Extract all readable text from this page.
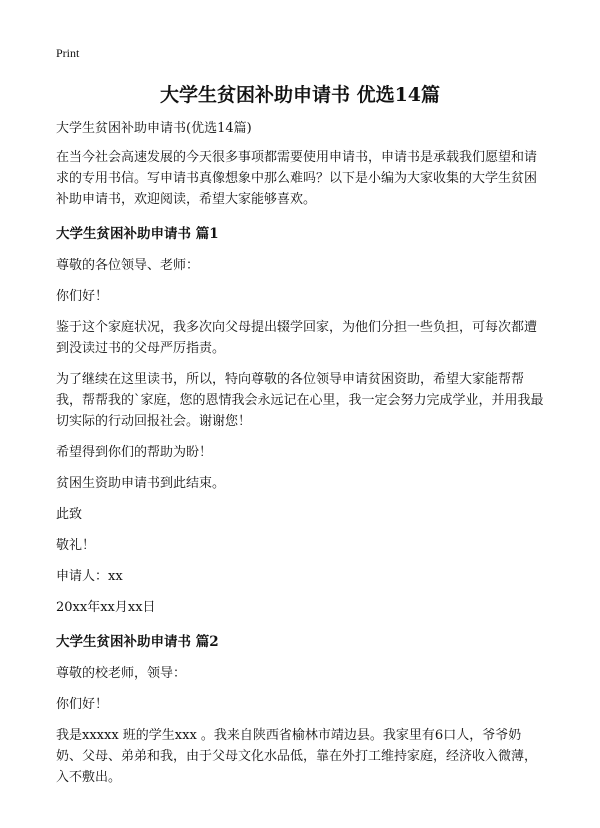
Print
大学生贫困补助申请书 优选14篇

大学生贫困补助申请书(优选14篇)

在当今社会高速发展的今天很多事项都需要使用申请书，申请书是承载我们愿望和请求的专用书信。写申请书真像想象中那么难吗？以下是小编为大家收集的大学生贫困补助申请书，欢迎阅读，希望大家能够喜欢。

大学生贫困补助申请书 篇1

尊敬的各位领导、老师：

你们好！

鉴于这个家庭状况，我多次向父母提出辍学回家，为他们分担一些负担，可每次都遭到没读过书的父母严厉指责。

为了继续在这里读书，所以，特向尊敬的各位领导申请贫困资助，希望大家能帮帮我，帮帮我的`家庭，您的恩情我会永远记在心里，我一定会努力完成学业，并用我最切实际的行动回报社会。谢谢您！

希望得到你们的帮助为盼！

贫困生资助申请书到此结束。

此致

敬礼！

申请人：xx

20xx年xx月xx日

大学生贫困补助申请书 篇2

尊敬的校老师，领导：

你们好！

我是xxxxx 班的学生xxx 。我来自陕西省榆林市靖边县。我家里有6口人，爷爷奶奶、父母、弟弟和我，由于父母文化水品低，靠在外打工维持家庭，经济收入微薄，入不敷出。
